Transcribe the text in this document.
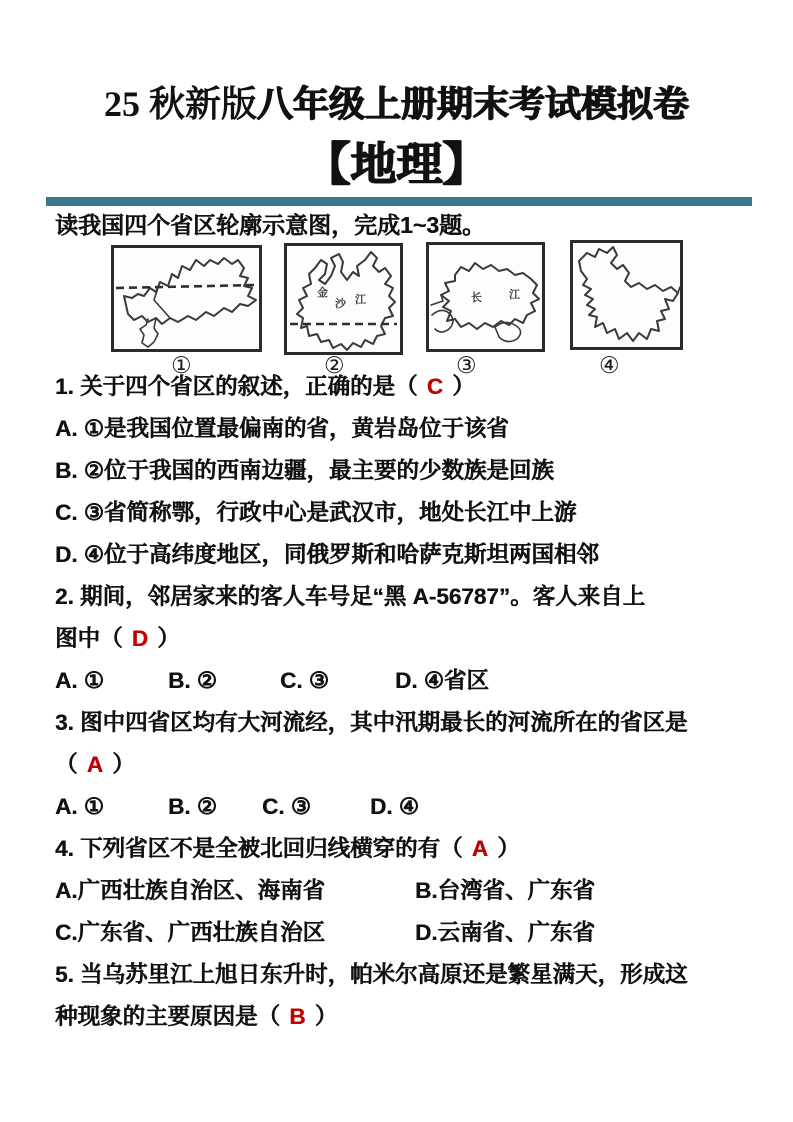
25 秋新版八年级上册期末考试模拟卷
【地理】
读我国四个省区轮廓示意图，完成1~3题。
金
沙 江	长 江
①	②	③	④

1. 关于四个省区的叙述，正确的是（ C ）

A. ①是我国位置最偏南的省，黄岩岛位于该省

B. ②位于我国的西南边疆，最主要的少数族是回族

C. ③省简称鄂，行政中心是武汉市，地处长江中上游

D. ④位于高纬度地区，同俄罗斯和哈萨克斯坦两国相邻

2. 期间，邻居家来的客人车号足“黑 A-56787”。客人来自上

图中（ D ）

A. ①	B. ②	C. ③	D. ④省区

3. 图中四省区均有大河流经，其中汛期最长的河流所在的省区是

（ A ）

A. ①	B. ② C. ③	D. ④

4. 下列省区不是全被北回归线横穿的有（ A ）

A.广西壮族自治区、海南省	B.台湾省、广东省

C.广东省、广西壮族自治区	D.云南省、广东省

5. 当乌苏里江上旭日东升时，帕米尔高原还是繁星满天，形成这

种现象的主要原因是（ B ）
